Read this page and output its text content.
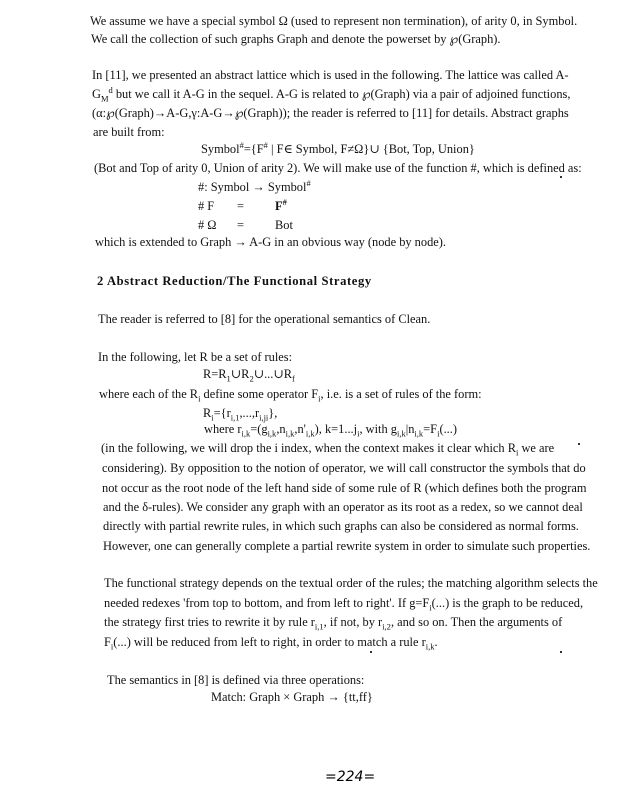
We assume we have a special symbol Ω (used to represent non termination), of arity 0, in Symbol.
We call the collection of such graphs Graph and denote the powerset by ℘(Graph).
In [11], we presented an abstract lattice which is used in the following. The lattice was called A-
$G_M^d$ but we call it A-G in the sequel. A-G is related to ℘(Graph) via a pair of adjoined functions,
(α:℘(Graph)→A-G,γ:A-G→℘(Graph)); the reader is referred to [11] for details. Abstract graphs
are built from:
Symbol#={F# | F∈ Symbol, F≠Ω}∪ {Bot, Top, Union}
(Bot and Top of arity 0, Union of arity 2). We will make use of the function #, which is defined as:
#: Symbol → Symbol#
# F =	F#
# Ω =	Bot
which is extended to Graph → A-G in an obvious way (node by node).
2 Abstract Reduction/The Functional Strategy
The reader is referred to [8] for the operational semantics of Clean.
In the following, let R be a set of rules:
$R=R_1\cup R_2\cup...\cup R_f$
where each of the $R_i$ define some operator $F_i$, i.e. is a set of rules of the form:
$R_i=\{r_{i,1},...,r_{i,ji}\}$,
where $r_{i,k}=(g_{i,k},n_{i,k},n'_{i,k})$, $k=1...j_i$, with $g_{i,k}|n_{i,k}=F_i(...)$
(in the following, we will drop the i index, when the context makes it clear which $R_i$ we are
considering). By opposition to the notion of operator, we will call constructor the symbols that do
not occur as the root node of the left hand side of some rule of R (which defines both the program
and the δ-rules). We consider any graph with an operator as its root as a redex, so we cannot deal
directly with partial rewrite rules, in which such graphs can also be considered as normal forms.
However, one can generally complete a partial rewrite system in order to simulate such properties.
The functional strategy depends on the textual order of the rules; the matching algorithm selects the
needed redexes 'from top to bottom, and from left to right'. If $g=F_i(...)$ is the graph to be reduced,
the strategy first tries to rewrite it by rule $r_{i,1}$, if not, by $r_{i,2}$, and so on. Then the arguments of
$F_i(...)$ will be reduced from left to right, in order to match a rule $r_{i,k}$.
The semantics in [8] is defined via three operations:
Match: Graph × Graph → {tt,ff}
=224=
